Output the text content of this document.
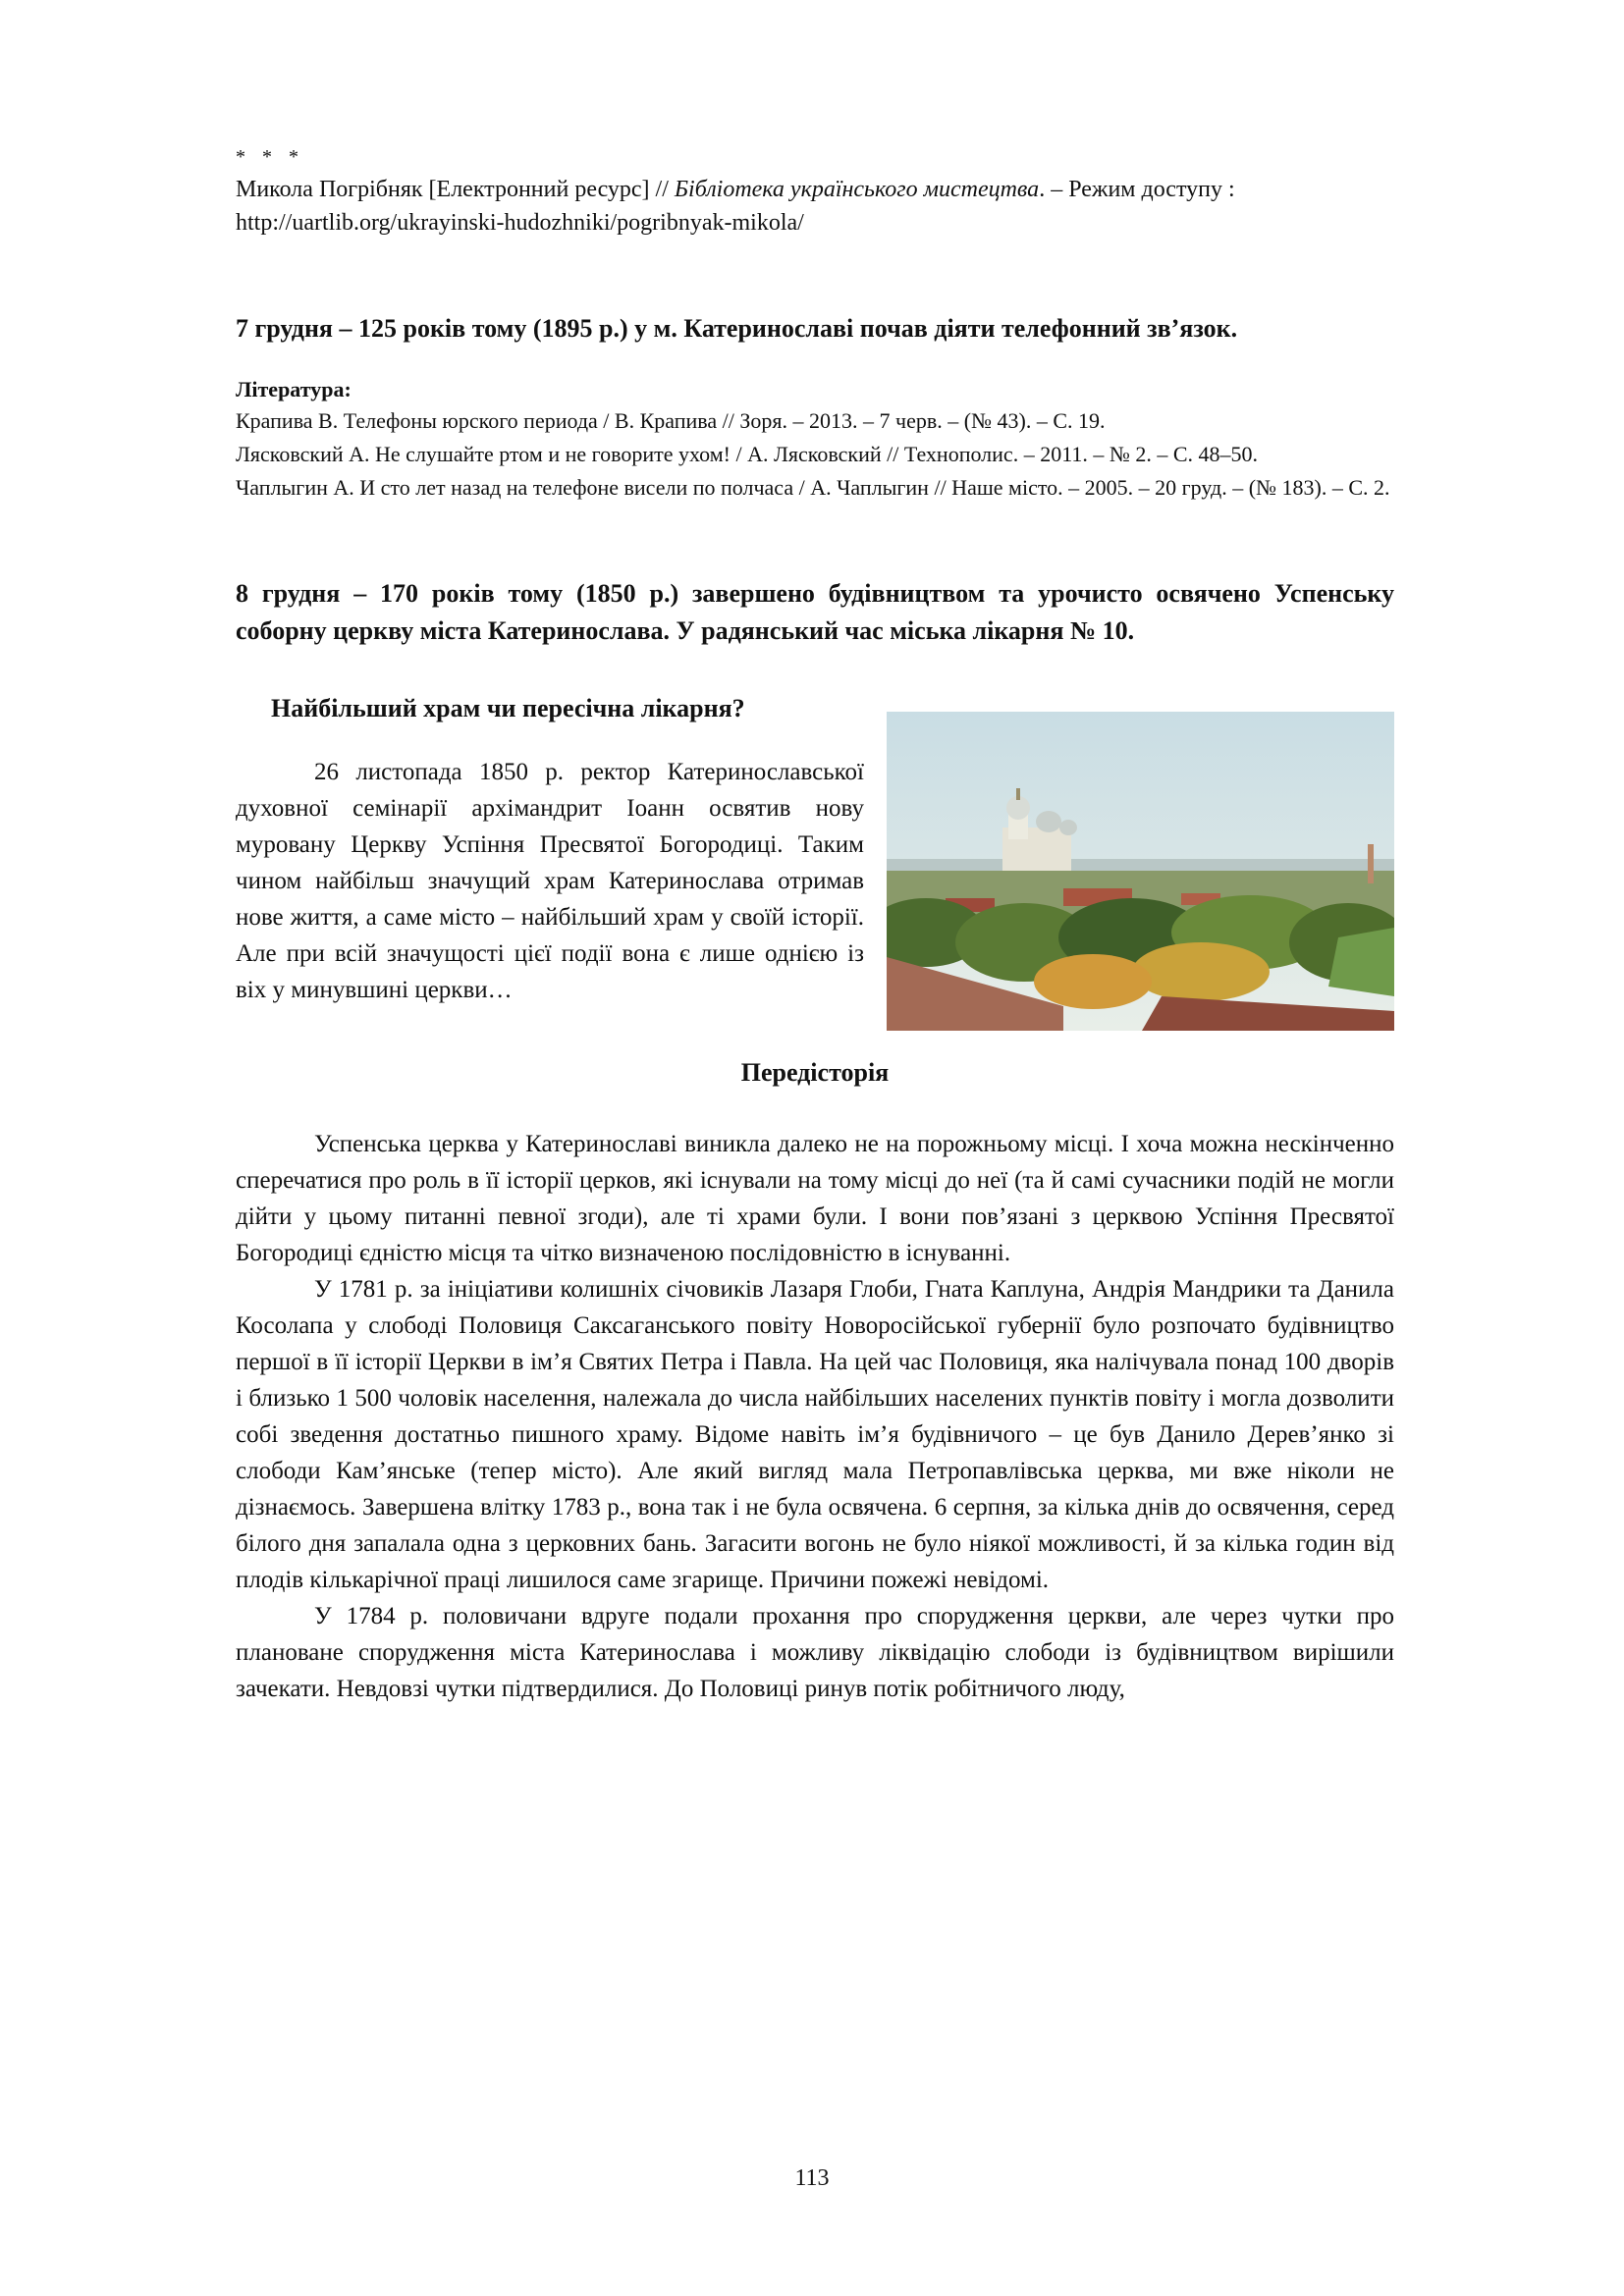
* * *

Микола Погрібняк [Електронний ресурс] // Бібліотека українського мистецтва. – Режим доступу :

http://uartlib.org/ukrayinski-hudozhniki/pogribnyak-mikola/

7 грудня – 125 років тому (1895 р.) у м. Катеринославі почав діяти телефонний зв’язок.

Література:

Крапива В. Телефоны юрского периода / В. Крапива // Зоря. – 2013. – 7 черв. – (№ 43). – С. 19.

Лясковский А. Не слушайте ртом и не говорите ухом! / А. Лясковский // Технополис. – 2011. – № 2. – С. 48–50.

Чаплыгин А. И сто лет назад на телефоне висели по полчаса / А. Чаплыгин // Наше місто. – 2005. – 20 груд. – (№ 183). – С. 2.

8 грудня – 170 років тому (1850 р.) завершено будівництвом та урочисто освячено Успенську соборну церкву міста Катеринослава. У радянський час міська лікарня № 10.

Найбільший храм чи пересічна лікарня?

26 листопада 1850 р. ректор Катеринославської духовної семінарії архімандрит Іоанн освятив нову муровану Церкву Успіння Пресвятої Богородиці. Таким чином найбільш значущий храм Катеринослава отримав нове життя, а саме місто – найбільший храм у своїй історії. Але при всій значущості цієї події вона є лише однією із віх у минувшині церкви…

Передісторія

Успенська церква у Катеринославі виникла далеко не на порожньому місці. І хоча можна нескінченно сперечатися про роль в її історії церков, які існували на тому місці до неї (та й самі сучасники подій не могли дійти у цьому питанні певної згоди), але ті храми були. І вони пов’язані з церквою Успіння Пресвятої Богородиці єдністю місця та чітко визначеною послідовністю в існуванні.

У 1781 р. за ініціативи колишніх січовиків Лазаря Глоби, Гната Каплуна, Андрія Мандрики та Данила Косолапа у слободі Половиця Саксаганського повіту Новоросійської губернії було розпочато будівництво першої в її історії Церкви в ім’я Святих Петра і Павла. На цей час Половиця, яка налічувала понад 100 дворів і близько 1 500 чоловік населення, належала до числа найбільших населених пунктів повіту і могла дозволити собі зведення достатньо пишного храму. Відоме навіть ім’я будівничого – це був Данило Дерев’янко зі слободи Кам’янське (тепер місто). Але який вигляд мала Петропавлівська церква, ми вже ніколи не дізнаємось. Завершена влітку 1783 р., вона так і не була освячена. 6 серпня, за кілька днів до освячення, серед білого дня запалала одна з церковних бань. Загасити вогонь не було ніякої можливості, й за кілька годин від плодів кількарічної праці лишилося саме згарище. Причини пожежі невідомі.

У 1784 р. половичани вдруге подали прохання про спорудження церкви, але через чутки про плановане спорудження міста Катеринослава і можливу ліквідацію слободи із будівництвом вирішили зачекати. Невдовзі чутки підтвердилися. До Половиці ринув потік робітничого люду,

113
